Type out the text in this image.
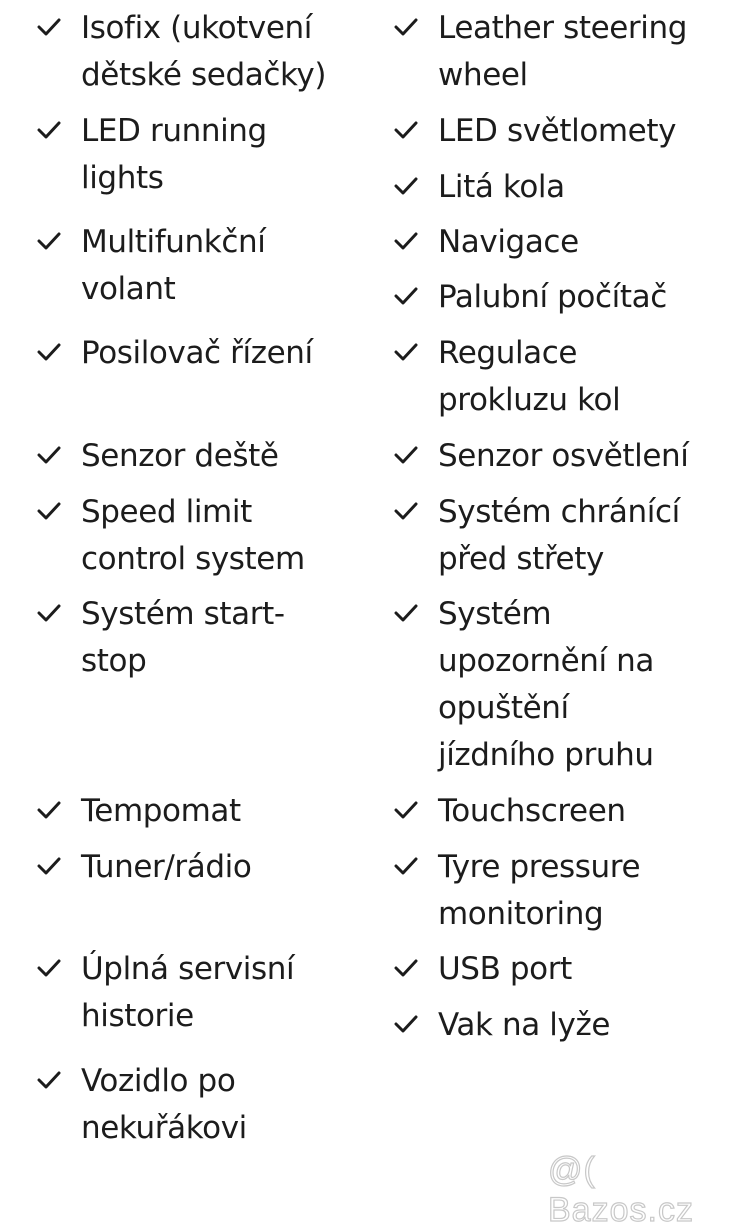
Isofix (ukotvení
dětské sedačky)
LED running
lights
Multifunkční
volant
Posilovač řízení
Senzor deště
Speed limit
control system
Systém start-
stop
Tempomat
Tuner/rádio
Úplná servisní
historie
Vozidlo po
nekuřákovi
Leather steering
wheel
LED světlomety
Litá kola
Navigace
Palubní počítač
Regulace
prokluzu kol
Senzor osvětlení
Systém chránící
před střety
Systém
upozornění na
opuštění
jízdního pruhu
Touchscreen
Tyre pressure
monitoring
USB port
Vak na lyže
@( Bazos.cz
